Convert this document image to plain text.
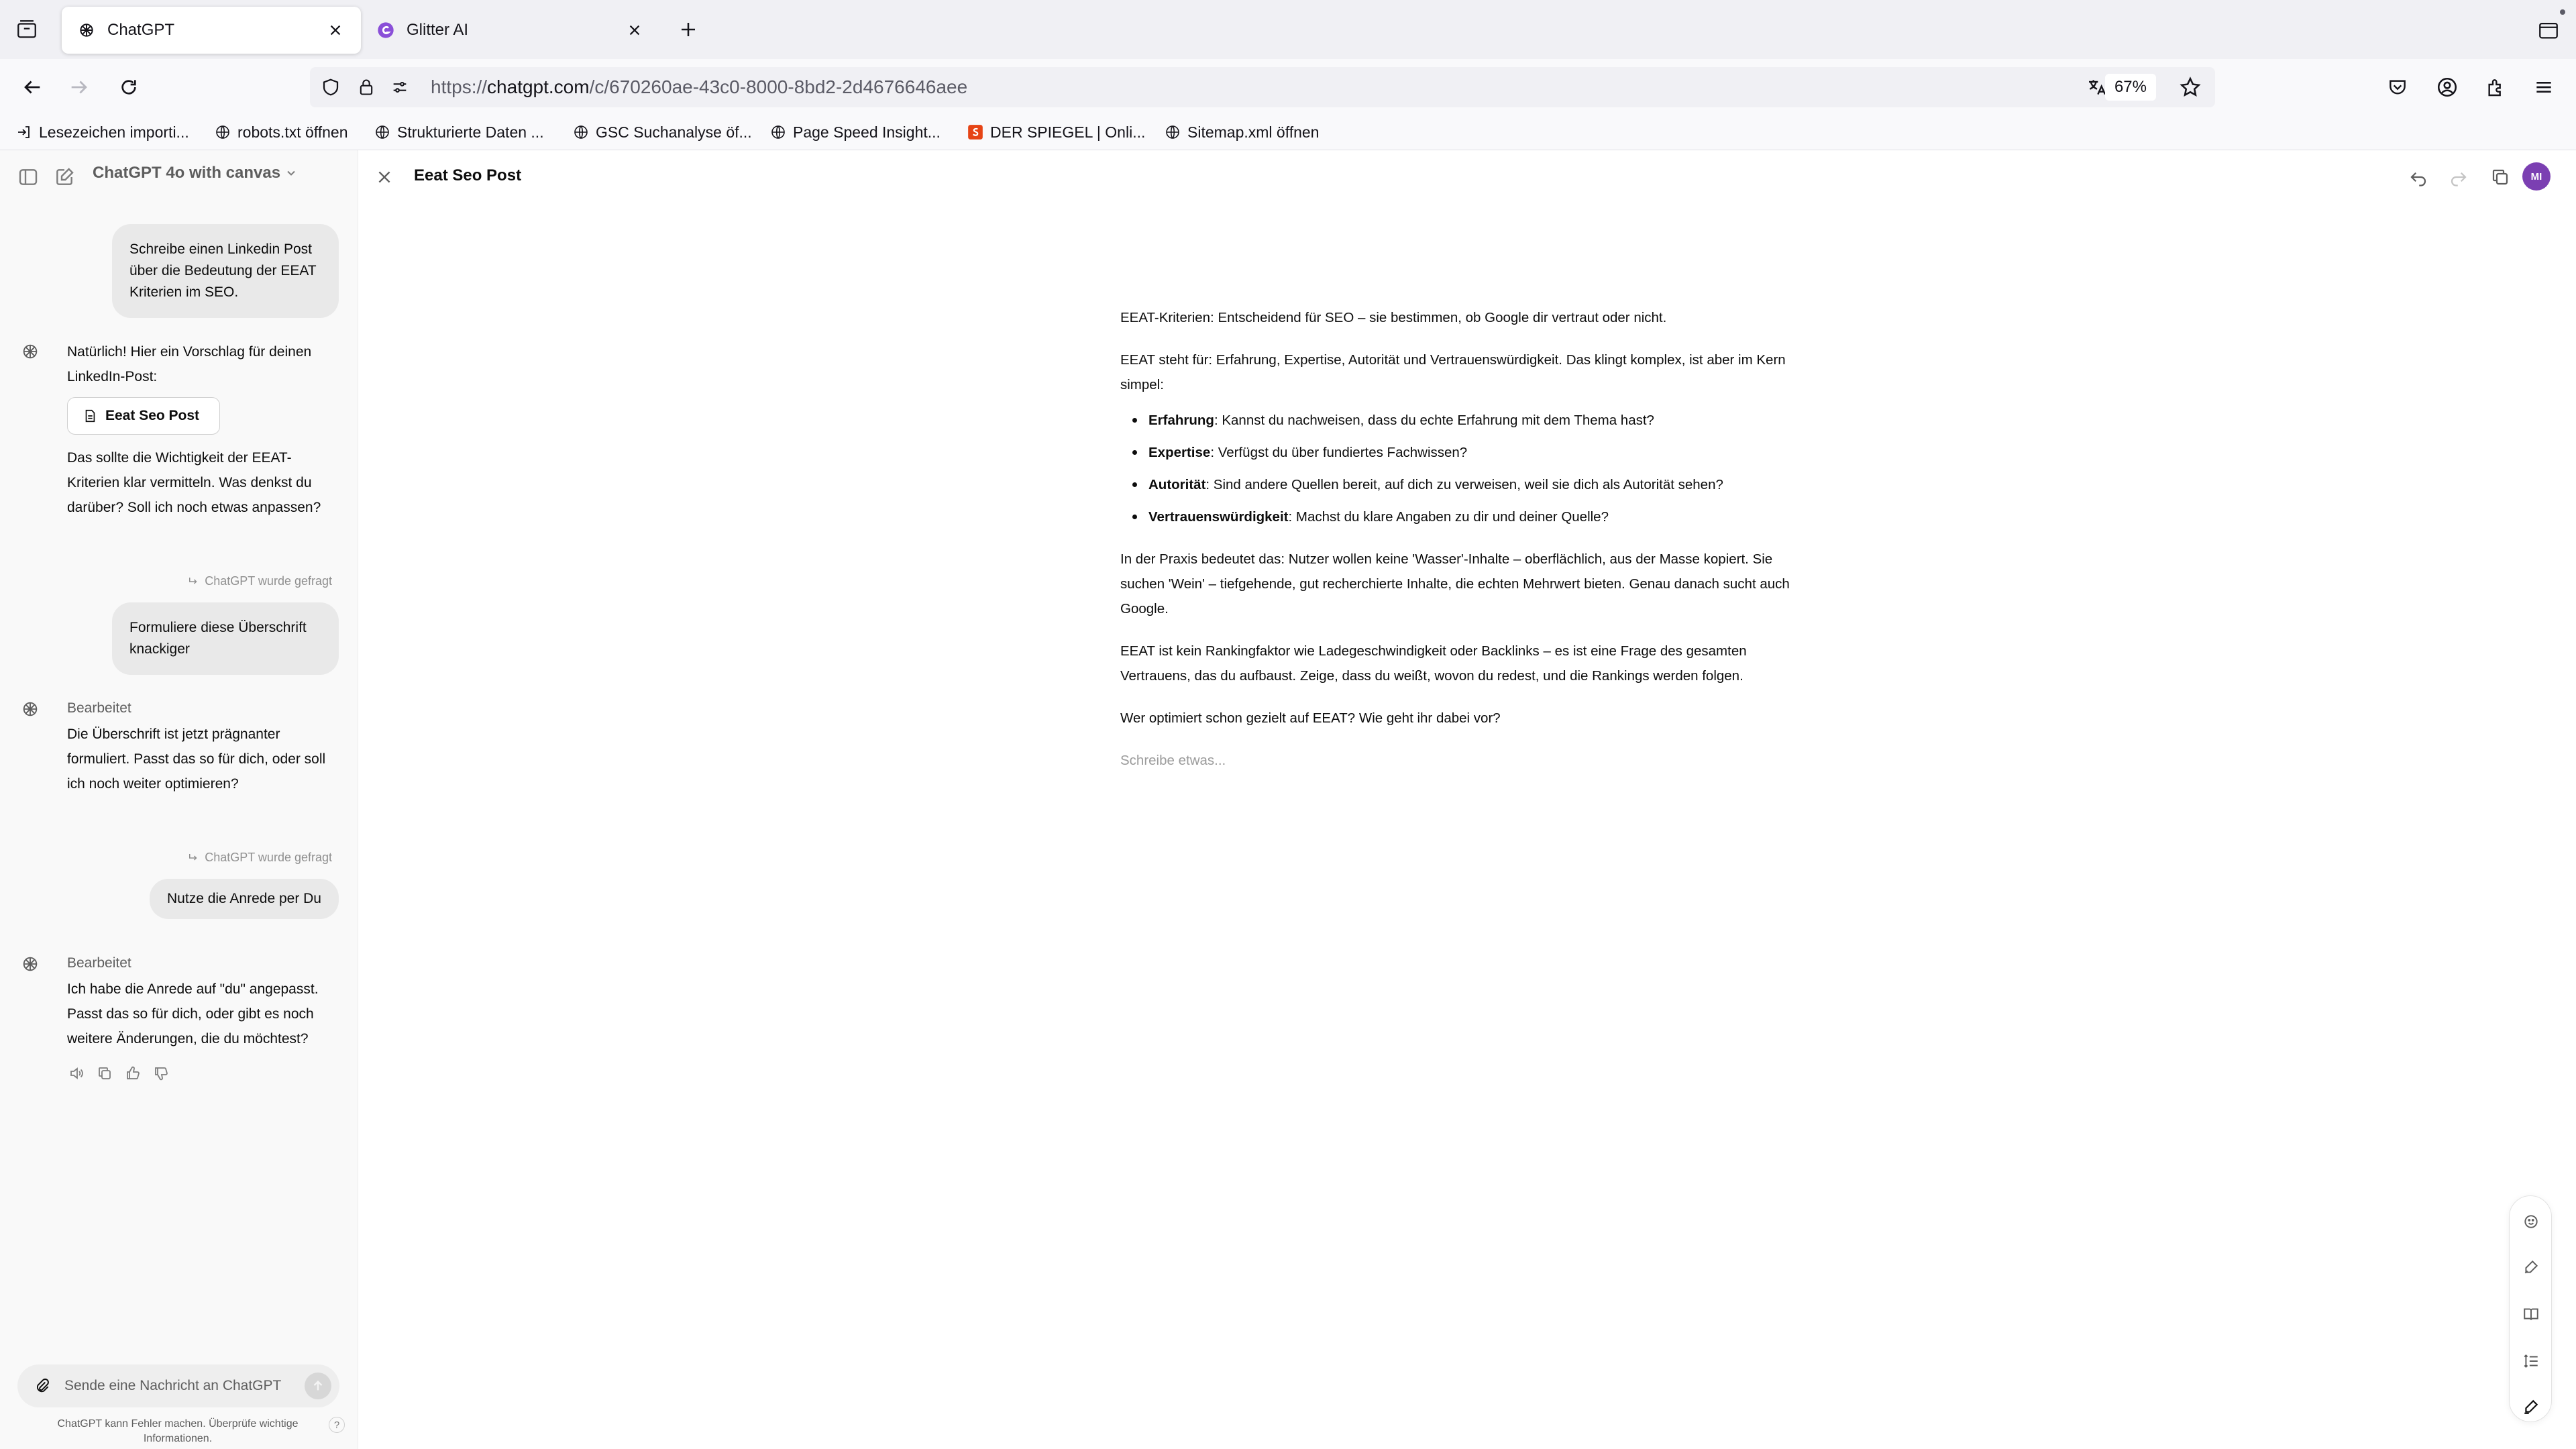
ChatGPT	Glitter AI
https://chatgpt.com/c/670260ae-43c0-8000-8bd2-2d4676646aee	67%
Lesezeichen importi...	robots.txt öffnen	Strukturierte Daten ...	GSC Suchanalyse öf...	Page Speed Insight...	DER SPIEGEL | Onli...	Sitemap.xml öffnen
ChatGPT 4o with canvas
Schreibe einen Linkedin Post über die Bedeutung der EEAT Kriterien im SEO.
Natürlich! Hier ein Vorschlag für deinen LinkedIn-Post:
Eeat Seo Post
Das sollte die Wichtigkeit der EEAT-Kriterien klar vermitteln. Was denkst du darüber? Soll ich noch etwas anpassen?
ChatGPT wurde gefragt
Formuliere diese Überschrift knackiger
Bearbeitet
Die Überschrift ist jetzt prägnanter formuliert. Passt das so für dich, oder soll ich noch weiter optimieren?
ChatGPT wurde gefragt
Nutze die Anrede per Du
Bearbeitet
Ich habe die Anrede auf "du" angepasst. Passt das so für dich, oder gibt es noch weitere Änderungen, die du möchtest?
Sende eine Nachricht an ChatGPT
ChatGPT kann Fehler machen. Überprüfe wichtige Informationen.
?
Eeat Seo Post	MI

EEAT-Kriterien: Entscheidend für SEO – sie bestimmen, ob Google dir vertraut oder nicht.

EEAT steht für: Erfahrung, Expertise, Autorität und Vertrauenswürdigkeit. Das klingt komplex, ist aber im Kern simpel:

Erfahrung: Kannst du nachweisen, dass du echte Erfahrung mit dem Thema hast?
Expertise: Verfügst du über fundiertes Fachwissen?
Autorität: Sind andere Quellen bereit, auf dich zu verweisen, weil sie dich als Autorität sehen?
Vertrauenswürdigkeit: Machst du klare Angaben zu dir und deiner Quelle?

In der Praxis bedeutet das: Nutzer wollen keine 'Wasser'-Inhalte – oberflächlich, aus der Masse kopiert. Sie suchen 'Wein' – tiefgehende, gut recherchierte Inhalte, die echten Mehrwert bieten. Genau danach sucht auch Google.

EEAT ist kein Rankingfaktor wie Ladegeschwindigkeit oder Backlinks – es ist eine Frage des gesamten Vertrauens, das du aufbaust. Zeige, dass du weißt, wovon du redest, und die Rankings werden folgen.

Wer optimiert schon gezielt auf EEAT? Wie geht ihr dabei vor?

Schreibe etwas...
